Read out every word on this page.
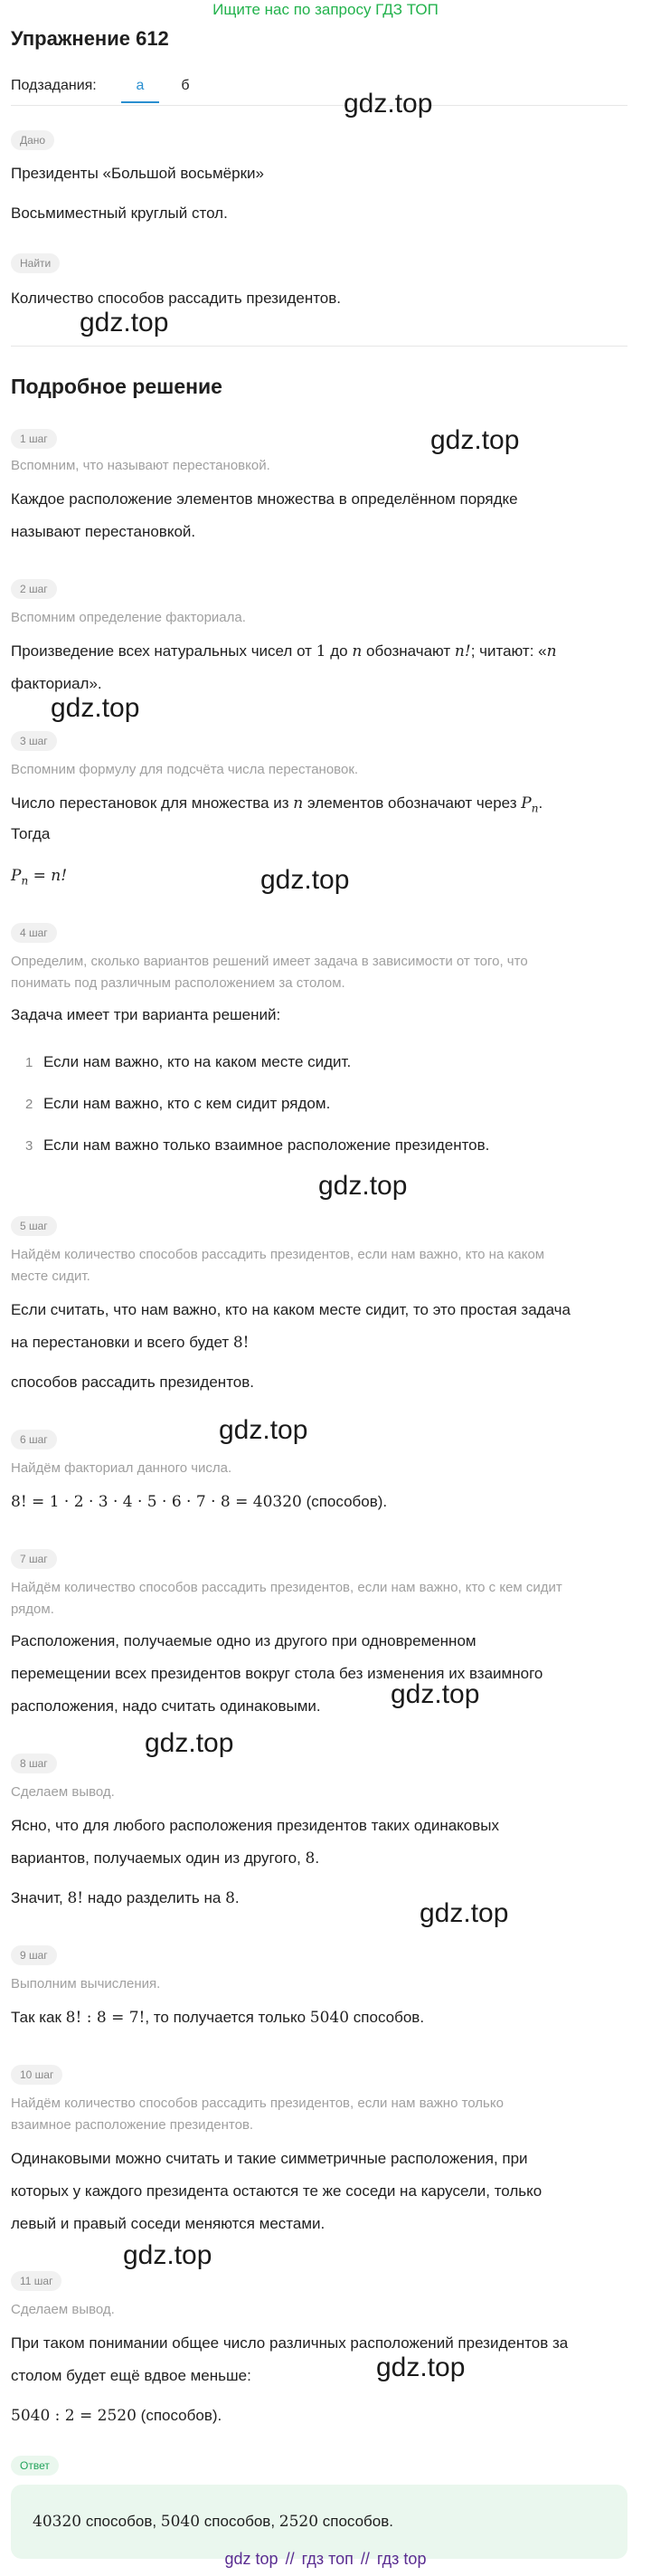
Ищите нас по запросу ГДЗ ТОП
Упражнение 612
Подзадания:	а	б
Дано
Президенты «Большой восьмёрки»
Восьмиместный круглый стол.
Найти
Количество способов рассадить президентов.
Подробное решение
1 шаг
Вспомним, что называют перестановкой.
Каждое расположение элементов множества в определённом порядке
называют перестановкой.
2 шаг
Вспомним определение факториала.
Произведение всех натуральных чисел от 1 до n обозначают n!; читают: «n
факториал».
3 шаг
Вспомним формулу для подсчёта числа перестановок.
Число перестановок для множества из n элементов обозначают через $P_n$.
Тогда
$P_n = n$!
4 шаг
Определим, сколько вариантов решений имеет задача в зависимости от того, что
понимать под различным расположением за столом.
Задача имеет три варианта решений:
1 Если нам важно, кто на каком месте сидит.
2 Если нам важно, кто с кем сидит рядом.
3 Если нам важно только взаимное расположение президентов.
5 шаг
Найдём количество способов рассадить президентов, если нам важно, кто на каком
месте сидит.
Если считать, что нам важно, кто на каком месте сидит, то это простая задача
на перестановки и всего будет 8!
способов рассадить президентов.
6 шаг
Найдём факториал данного числа.
8! = 1 · 2 · 3 · 4 · 5 · 6 · 7 · 8 = 40320 (способов).
7 шаг
Найдём количество способов рассадить президентов, если нам важно, кто с кем сидит
рядом.
Расположения, получаемые одно из другого при одновременном
перемещении всех президентов вокруг стола без изменения их взаимного
расположения, надо считать одинаковыми.
8 шаг
Сделаем вывод.
Ясно, что для любого расположения президентов таких одинаковых
вариантов, получаемых один из другого, 8.
Значит, 8! надо разделить на 8.
9 шаг
Выполним вычисления.
Так как 8! : 8 = 7!, то получается только 5040 способов.
10 шаг
Найдём количество способов рассадить президентов, если нам важно только
взаимное расположение президентов.
Одинаковыми можно считать и такие симметричные расположения, при
которых у каждого президента остаются те же соседи на карусели, только
левый и правый соседи меняются местами.
11 шаг
Сделаем вывод.
При таком понимании общее число различных расположений президентов за
столом будет ещё вдвое меньше:
5040 : 2 = 2520 (способов).
Ответ
40320 способов, 5040 способов, 2520 способов.
gdz.top
gdz.top
gdz.top
gdz.top
gdz.top
gdz.top
gdz.top
gdz.top
gdz.top
gdz.top
gdz.top
gdz.top
gdz top // гдз топ // гдз top
